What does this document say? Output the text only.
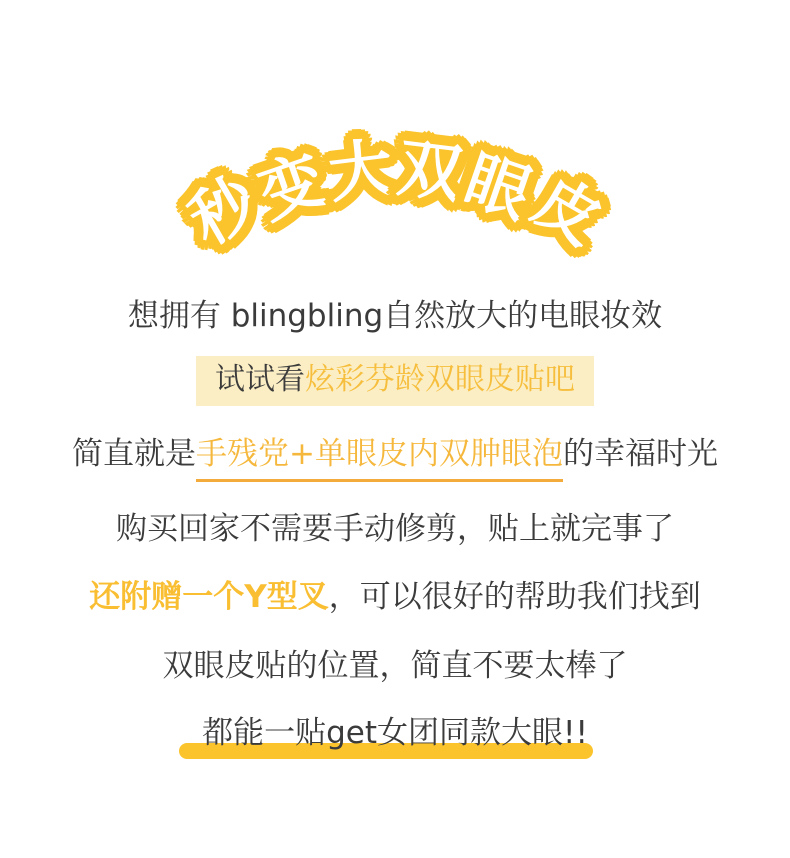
秒 秒
变 变
大 大
双 双
眼 眼
皮 皮
想拥有 blingbling自然放大的电眼妆效
试试看炫彩芬龄双眼皮贴吧
简直就是手残党+单眼皮内双肿眼泡的幸福时光
购买回家不需要手动修剪，贴上就完事了
还附赠一个Y型叉，可以很好的帮助我们找到
双眼皮贴的位置，简直不要太棒了
都能一贴get女团同款大眼!!
